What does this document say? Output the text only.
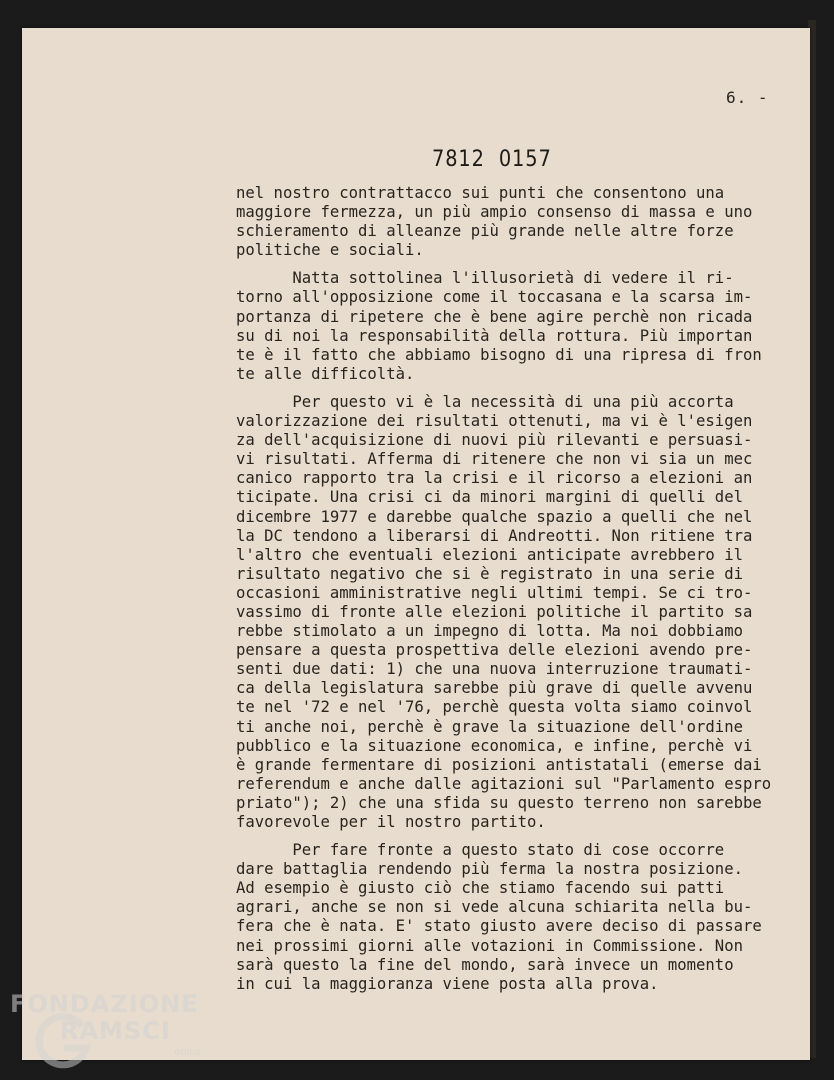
6. -
7812  0157

nel nostro contrattacco sui punti che consentono una
maggiore fermezza, un più ampio consenso di massa e uno
schieramento di alleanze più grande nelle altre forze
politiche e sociali.

Natta sottolinea l'illusorietà di vedere il ri-
torno all'opposizione come il toccasana e la scarsa im-
portanza di ripetere che è bene agire perchè non ricada
su di noi la responsabilità della rottura. Più importan
te è il fatto che abbiamo bisogno di una ripresa di fron
te alle difficoltà.

Per questo vi è la necessità di una più accorta
valorizzazione dei risultati ottenuti, ma vi è l'esigen
za dell'acquisizione di nuovi più rilevanti e persuasi-
vi risultati. Afferma di ritenere che non vi sia un mec
canico rapporto tra la crisi e il ricorso a elezioni an
ticipate. Una crisi ci da minori margini di quelli del
dicembre 1977 e darebbe qualche spazio a quelli che nel
la DC tendono a liberarsi di Andreotti. Non ritiene tra
l'altro che eventuali elezioni anticipate avrebbero il
risultato negativo che si è registrato in una serie di
occasioni amministrative negli ultimi tempi. Se ci tro-
vassimo di fronte alle elezioni politiche il partito sa
rebbe stimolato a un impegno di lotta. Ma noi dobbiamo
pensare a questa prospettiva delle elezioni avendo pre-
senti due dati: 1) che una nuova interruzione traumati-
ca della legislatura sarebbe più grave di quelle avvenu
te nel '72 e nel '76, perchè questa volta siamo coinvol
ti anche noi, perchè è grave la situazione dell'ordine
pubblico e la situazione economica, e infine, perchè vi
è grande fermentare di posizioni antistatali (emerse dai
referendum e anche dalle agitazioni sul "Parlamento espro
priato"); 2) che una sfida su questo terreno non sarebbe
favorevole per il nostro partito.

Per fare fronte a questo stato di cose occorre
dare battaglia rendendo più ferma la nostra posizione.
Ad esempio è giusto ciò che stiamo facendo sui patti
agrari, anche se non si vede alcuna schiarita nella bu-
fera che è nata. E' stato giusto avere deciso di passare
nei prossimi giorni alle votazioni in Commissione. Non
sarà questo la fine del mondo, sarà invece un momento
in cui la maggioranza viene posta alla prova.

FONDAZIONE
RAMSCI
onlus
